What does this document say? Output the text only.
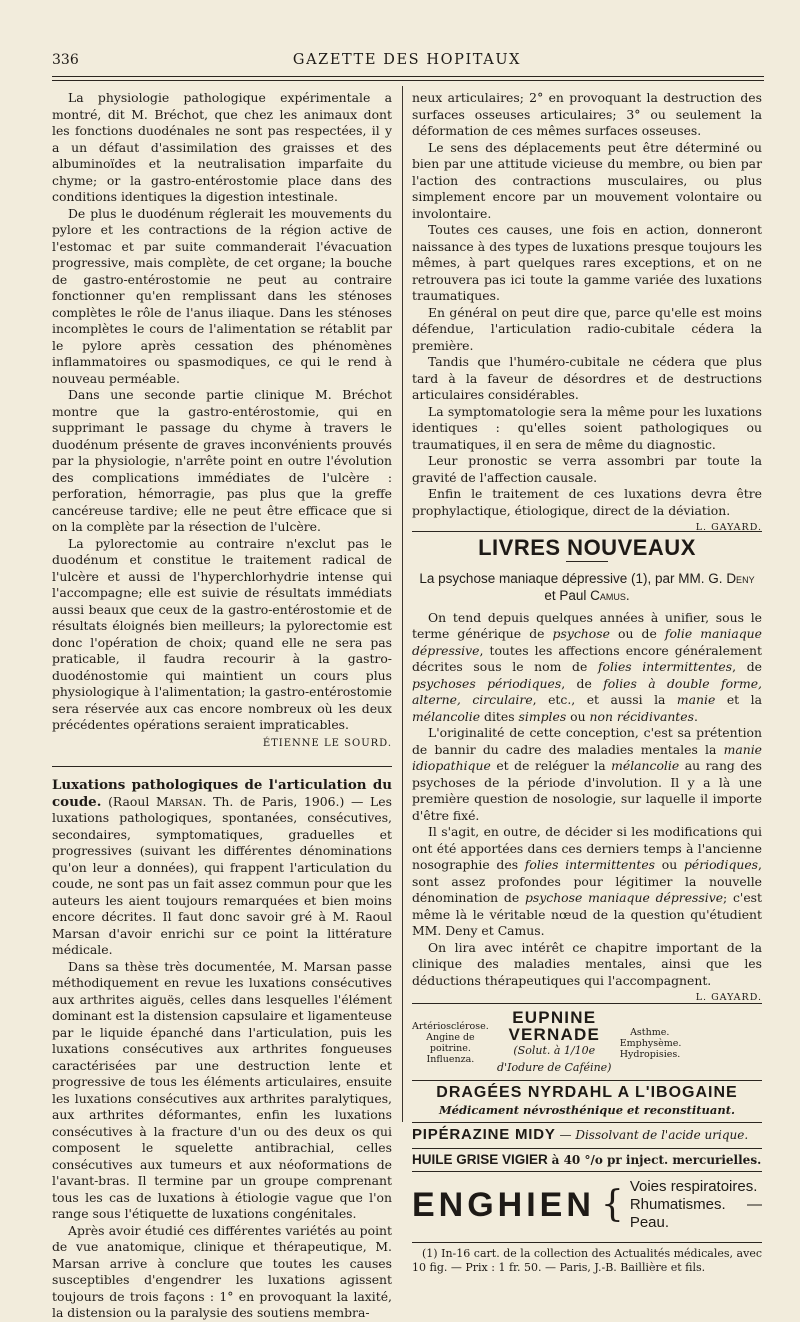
336	GAZETTE DES HOPITAUX

La physiologie pathologique expérimentale a montré, dit M. Bréchot, que chez les animaux dont les fonctions duodénales ne sont pas respectées, il y a un défaut d'assimilation des graisses et des albuminoïdes et la neutralisation imparfaite du chyme; or la gastro-entérostomie place dans des conditions identiques la digestion intestinale.

De plus le duodénum réglerait les mouvements du pylore et les contractions de la région active de l'estomac et par suite commanderait l'évacuation progressive, mais complète, de cet organe; la bouche de gastro-entérostomie ne peut au contraire fonctionner qu'en remplissant dans les sténoses complètes le rôle de l'anus iliaque. Dans les sténoses incomplètes le cours de l'alimentation se rétablit par le pylore après cessation des phénomènes inflammatoires ou spasmodiques, ce qui le rend à nouveau perméable.

Dans une seconde partie clinique M. Bréchot montre que la gastro-entérostomie, qui en supprimant le passage du chyme à travers le duodénum présente de graves inconvénients prouvés par la physiologie, n'arrête point en outre l'évolution des complications immédiates de l'ulcère : perforation, hémorragie, pas plus que la greffe cancéreuse tardive; elle ne peut être efficace que si on la complète par la résection de l'ulcère.

La pylorectomie au contraire n'exclut pas le duodénum et constitue le traitement radical de l'ulcère et aussi de l'hyperchlorhydrie intense qui l'accompagne; elle est suivie de résultats immédiats aussi beaux que ceux de la gastro-entérostomie et de résultats éloignés bien meilleurs; la pylorectomie est donc l'opération de choix; quand elle ne sera pas praticable, il faudra recourir à la gastro-duodénostomie qui maintient un cours plus physiologique à l'alimentation; la gastro-entérostomie sera réservée aux cas encore nombreux où les deux précédentes opérations seraient impraticables.

ÉTIENNE LE SOURD.

Luxations pathologiques de l'articulation du coude. (Raoul Marsan. Th. de Paris, 1906.) — Les luxations pathologiques, spontanées, consécutives, secondaires, symptomatiques, graduelles et progressives (suivant les différentes dénominations qu'on leur a données), qui frappent l'articulation du coude, ne sont pas un fait assez commun pour que les auteurs les aient toujours remarquées et bien moins encore décrites. Il faut donc savoir gré à M. Raoul Marsan d'avoir enrichi sur ce point la littérature médicale.

Dans sa thèse très documentée, M. Marsan passe méthodiquement en revue les luxations consécutives aux arthrites aiguës, celles dans lesquelles l'élément dominant est la distension capsulaire et ligamenteuse par le liquide épanché dans l'articulation, puis les luxations consécutives aux arthrites fongueuses caractérisées par une destruction lente et progressive de tous les éléments articulaires, ensuite les luxations consécutives aux arthrites paralytiques, aux arthrites déformantes, enfin les luxations consécutives à la fracture d'un ou des deux os qui composent le squelette antibrachial, celles consécutives aux tumeurs et aux néoformations de l'avant-bras. Il termine par un groupe comprenant tous les cas de luxations à étiologie vague que l'on range sous l'étiquette de luxations congénitales.

Après avoir étudié ces différentes variétés au point de vue anatomique, clinique et thérapeutique, M. Marsan arrive à conclure que toutes les causes susceptibles d'engendrer les luxations agissent toujours de trois façons : 1° en provoquant la laxité, la distension ou la paralysie des soutiens membra-

neux articulaires; 2° en provoquant la destruction des surfaces osseuses articulaires; 3° ou seulement la déformation de ces mêmes surfaces osseuses.

Le sens des déplacements peut être déterminé ou bien par une attitude vicieuse du membre, ou bien par l'action des contractions musculaires, ou plus simplement encore par un mouvement volontaire ou involontaire.

Toutes ces causes, une fois en action, donneront naissance à des types de luxations presque toujours les mêmes, à part quelques rares exceptions, et on ne retrouvera pas ici toute la gamme variée des luxations traumatiques.

En général on peut dire que, parce qu'elle est moins défendue, l'articulation radio-cubitale cédera la première.

Tandis que l'huméro-cubitale ne cédera que plus tard à la faveur de désordres et de destructions articulaires considérables.

La symptomatologie sera la même pour les luxations identiques : qu'elles soient pathologiques ou traumatiques, il en sera de même du diagnostic.

Leur pronostic se verra assombri par toute la gravité de l'affection causale.

Enfin le traitement de ces luxations devra être prophylactique, étiologique, direct de la déviation.
L. GAYARD.

LIVRES NOUVEAUX
La psychose maniaque dépressive (1), par MM. G. Deny
et Paul Camus.

On tend depuis quelques années à unifier, sous le terme générique de psychose ou de folie maniaque dépressive, toutes les affections encore généralement décrites sous le nom de folies intermittentes, de psychoses périodiques, de folies à double forme, alterne, circulaire, etc., et aussi la manie et la mélancolie dites simples ou non récidivantes.

L'originalité de cette conception, c'est sa prétention de bannir du cadre des maladies mentales la manie idiopathique et de reléguer la mélancolie au rang des psychoses de la période d'involution. Il y a là une première question de nosologie, sur laquelle il importe d'être fixé.

Il s'agit, en outre, de décider si les modifications qui ont été apportées dans ces derniers temps à l'ancienne nosographie des folies intermittentes ou périodiques, sont assez profondes pour légitimer la nouvelle dénomination de psychose maniaque dépressive; c'est même là le véritable nœud de la question qu'étudient MM. Deny et Camus.

On lira avec intérêt ce chapitre important de la clinique des maladies mentales, ainsi que les déductions thérapeutiques qui l'accompagnent.
L. GAYARD.

Artériosclérose. Angine de poitrine. Influenza.
EUPNINE VERNADE
(Solut. à 1/10e d'Iodure de Caféine)
Asthme. Emphysème. Hydropisies.
DRAGÉES NYRDAHL A L'IBOGAINE
Médicament névrosthénique et reconstituant.
PIPÉRAZINE MIDY — Dissolvant de l'acide urique.
HUILE GRISE VIGIER à 40 °/o pr inject. mercurielles.
ENGHIEN { Voies respiratoires.
Rhumatismes. — Peau.

(1) In-16 cart. de la collection des Actualités médicales, avec 10 fig. — Prix : 1 fr. 50. — Paris, J.-B. Baillière et fils.
